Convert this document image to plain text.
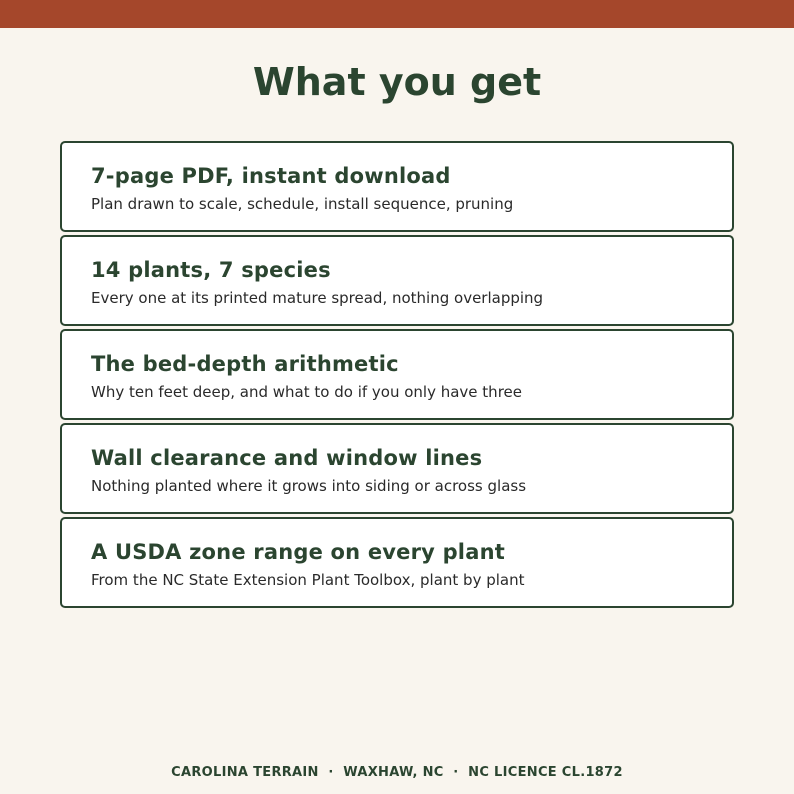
What you get
7-page PDF, instant download
Plan drawn to scale, schedule, install sequence, pruning
14 plants, 7 species
Every one at its printed mature spread, nothing overlapping
The bed-depth arithmetic
Why ten feet deep, and what to do if you only have three
Wall clearance and window lines
Nothing planted where it grows into siding or across glass
A USDA zone range on every plant
From the NC State Extension Plant Toolbox, plant by plant
CAROLINA TERRAIN  ·  WAXHAW, NC  ·  NC LICENCE CL.1872
